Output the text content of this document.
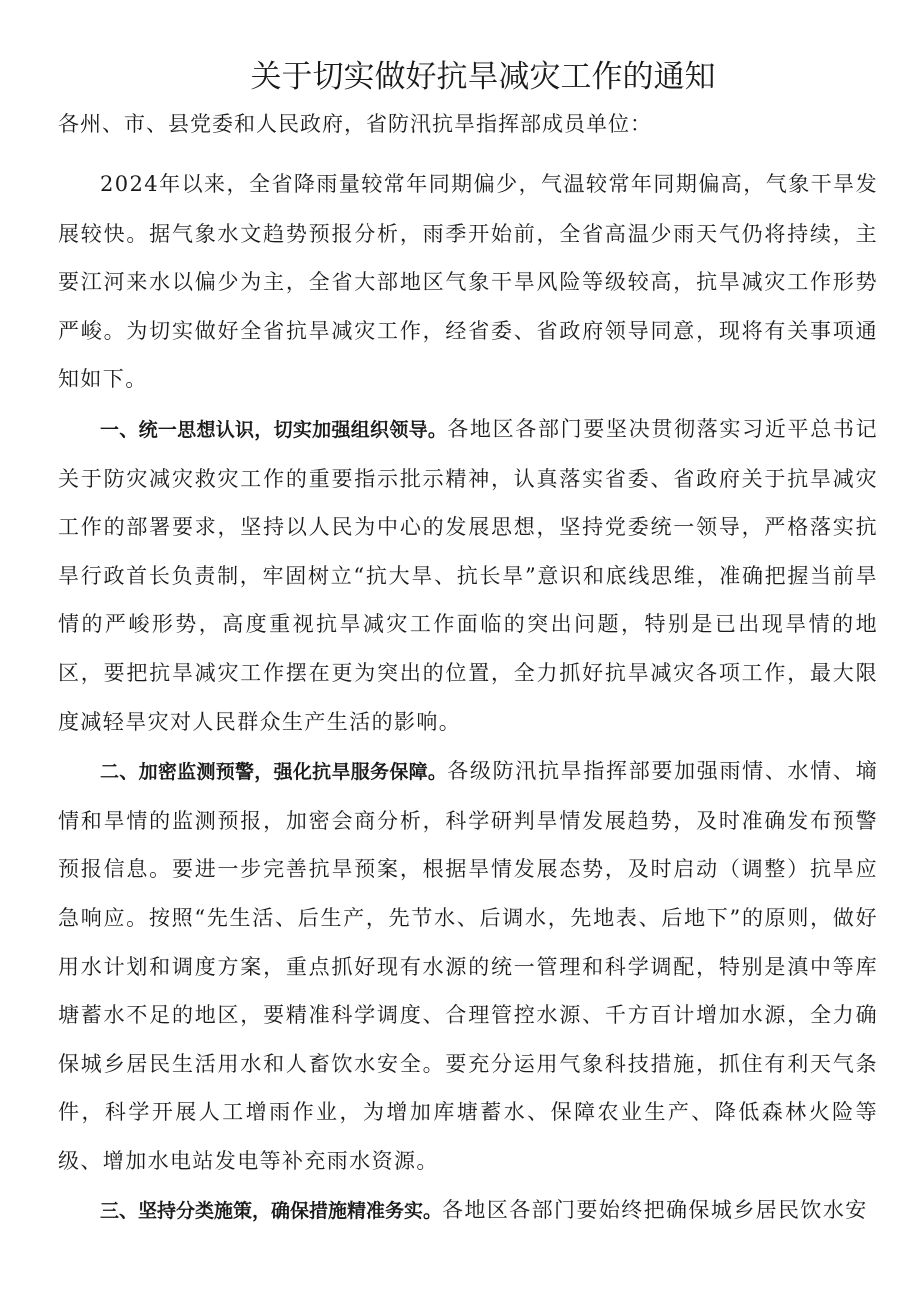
关于切实做好抗旱减灾工作的通知

各州、市、县党委和人民政府，省防汛抗旱指挥部成员单位：

2024年以来，全省降雨量较常年同期偏少，气温较常年同期偏高，气象干旱发展较快。据气象水文趋势预报分析，雨季开始前，全省高温少雨天气仍将持续，主要江河来水以偏少为主，全省大部地区气象干旱风险等级较高，抗旱减灾工作形势严峻。为切实做好全省抗旱减灾工作，经省委、省政府领导同意，现将有关事项通知如下。

一、统一思想认识，切实加强组织领导。各地区各部门要坚决贯彻落实习近平总书记关于防灾减灾救灾工作的重要指示批示精神，认真落实省委、省政府关于抗旱减灾工作的部署要求，坚持以人民为中心的发展思想，坚持党委统一领导，严格落实抗旱行政首长负责制，牢固树立“抗大旱、抗长旱”意识和底线思维，准确把握当前旱情的严峻形势，高度重视抗旱减灾工作面临的突出问题，特别是已出现旱情的地区，要把抗旱减灾工作摆在更为突出的位置，全力抓好抗旱减灾各项工作，最大限度减轻旱灾对人民群众生产生活的影响。

二、加密监测预警，强化抗旱服务保障。各级防汛抗旱指挥部要加强雨情、水情、墒情和旱情的监测预报，加密会商分析，科学研判旱情发展趋势，及时准确发布预警预报信息。要进一步完善抗旱预案，根据旱情发展态势，及时启动（调整）抗旱应急响应。按照“先生活、后生产，先节水、后调水，先地表、后地下”的原则，做好用水计划和调度方案，重点抓好现有水源的统一管理和科学调配，特别是滇中等库塘蓄水不足的地区，要精准科学调度、合理管控水源、千方百计增加水源，全力确保城乡居民生活用水和人畜饮水安全。要充分运用气象科技措施，抓住有利天气条件，科学开展人工增雨作业，为增加库塘蓄水、保障农业生产、降低森林火险等级、增加水电站发电等补充雨水资源。

三、坚持分类施策，确保措施精准务实。各地区各部门要始终把确保城乡居民饮水安
